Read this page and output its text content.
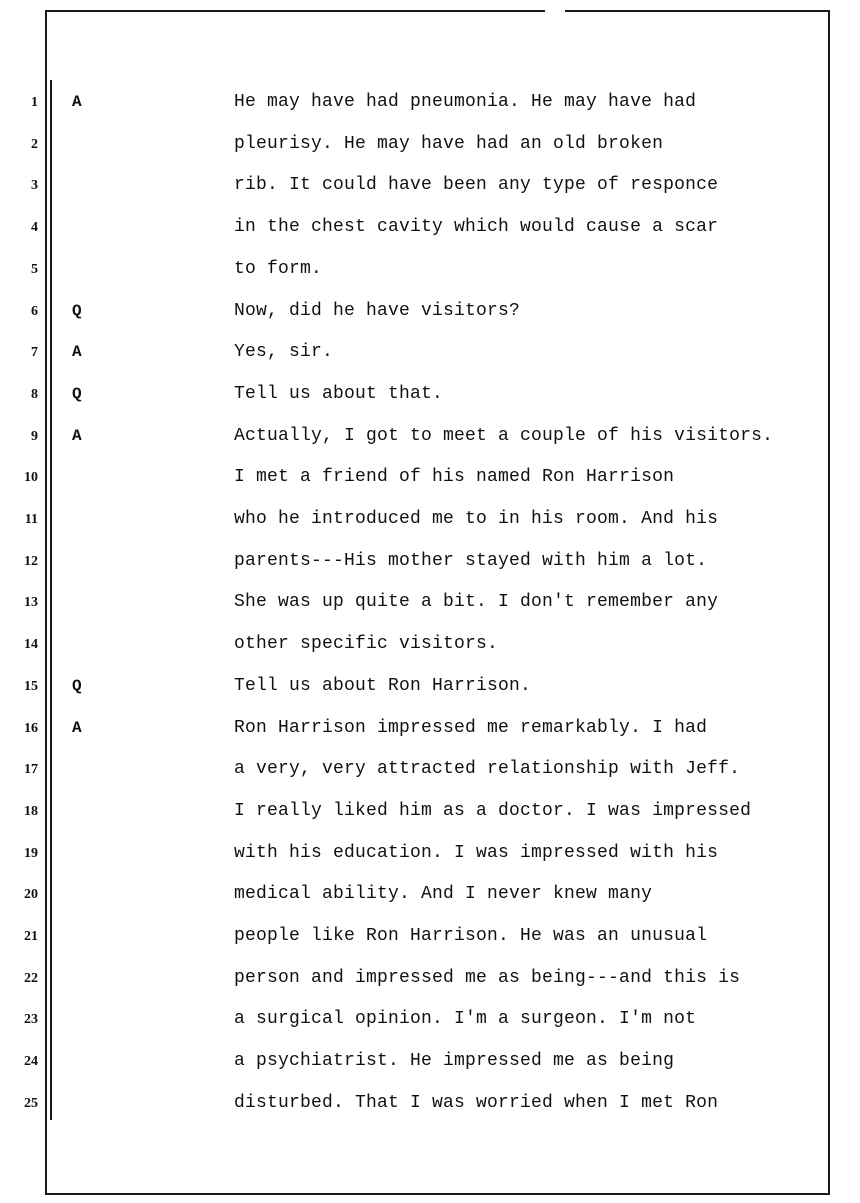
1 A	He may have had pneumonia. He may have had
2	pleurisy. He may have had an old broken
3	rib. It could have been any type of responce
4	in the chest cavity which would cause a scar
5	to form.
6 Q	Now, did he have visitors?
7 A	Yes, sir.
8 Q	Tell us about that.
9 A	Actually, I got to meet a couple of his visitors.
10	I met a friend of his named Ron Harrison
11	who he introduced me to in his room. And his
12	parents---His mother stayed with him a lot.
13	She was up quite a bit. I don't remember any
14	other specific visitors.
15 Q	Tell us about Ron Harrison.
16 A	Ron Harrison impressed me remarkably. I had
17	a very, very attracted relationship with Jeff.
18	I really liked him as a doctor. I was impressed
19	with his education. I was impressed with his
20	medical ability. And I never knew many
21	people like Ron Harrison. He was an unusual
22	person and impressed me as being---and this is
23	a surgical opinion. I'm a surgeon. I'm not
24	a psychiatrist. He impressed me as being
25	disturbed. That I was worried when I met Ron
